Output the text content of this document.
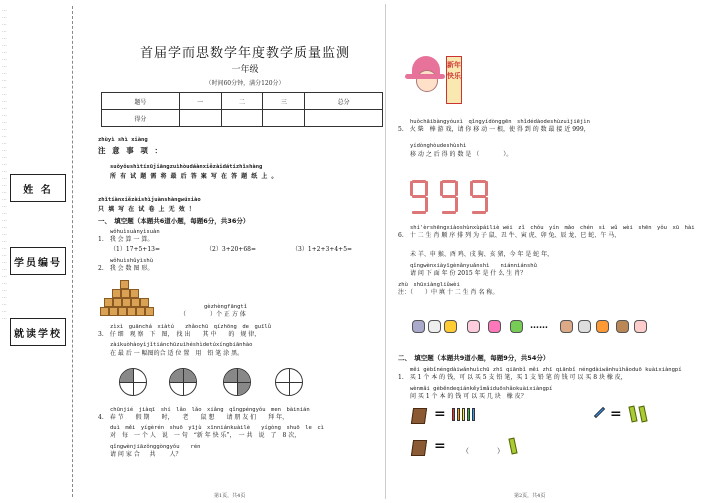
·······································································································································
姓 名
学员编号
就读学校
首届学而思数学年度教学质量监测
一年级
（时间60分钟，满分120分）
题号	一	二	三	总分
得分				
zhùyì shì xiàng
注 意 事 项 ：
suǒyǒushìtíxūjiāngzuìhòudáànxiězàidátízhǐshàng
所 有 试 题 需 将 最 后 答 案 写 在 答 题 纸 上 。
zhǐtíànxiězàishìjuànshàngwúxiào
只 填 写 在 试 卷 上 无 效 ！
一、　填空题（本题共6道小题，每题6分，共36分）
wǒhuìsuànyìsuàn
1.　我 会 算 一 算。
（1）17+5+13=	（2）3+20+68=	（3）1+2+3+4+5=
wǒhuìshǔyìshù
2.　我 会 数 图 形。
gèzhèngfāngtǐ
（　　　　）个 正 方 体
zìxì　guānchá　xiàtú　　zhǎochū　qízhōng　de　guīlǜ
3.　仔 细　观 察　下　图，　找 出　　其 中　　的　规 律，
zàikuòhàoyìjǐtiánchūzuìhéshìdetúxíngbiānhào
在 最 后 一 幅图的合 适 位 置　用　铅 笔 涂 黑。
chūnjié　jiàqī　shí　lǎo　lǎo　xiǎng　qǐngpéngyǒu　men　bàinián
4.　春 节　　假 期　　时，　　老　　鼠 想　　请 朋 友 们　　拜 年，
duì　měi　yígèrén　shuō　yījù　xīnniánkuàilè　　yígòng　shuō　le　cì
对　每　一 个 人　说　一 句　“新 年 快 乐”，　一 共　说　了　8 次，
qǐngwènjiāzǒnggòngyǒu　　rén
请 问 家 合 　 共 　　人？
第1页，共4页
新年快乐
huǒchāibàngyóuxì　qǐngyídònggēn　shǐdédàodeshùzuìjiējìn
5.　火 柴　棒 游 戏，请 你 移 动 一 根，使 得 到 的 数 最 接 近 999，
yídònghòudeshùshì
移 动 之 后 得 的 数 是 （　　　　）。
shí'èrshēngxiàoshùnxùpáiliè wéi　zǐ　chǒu　yín　mǎo　chén　sì　wǔ　wèi　shēn　yǒu　xū　hài
6.　十 二 生 肖 顺 序 排 列 为 子 鼠、丑 牛、寅 虎、卯 兔、辰 龙、巳 蛇、午 马、
未 羊、申 猴、酉 鸡、戌 狗、亥 猪，今 年 是 蛇 年，
qǐngwènxiàyīgènǎnyuǎnshì　　niánniánshǔ
请 问 下 面 年 份 2015 年 是 什 么 生 肖？
zhù　shūxiàngliǔwèi
注：（　　）中 填 十 二 生 肖 名 称。
……
二、　填空题（本题共9道小题，每题9分，共54分）
měi gèbǐnéngdàiwǎnhuìchū zhī qiānbǐ měi zhī qiānbǐ néngdàiwǎnhuìhǎoduō kuàixiàngpí
1.　买 1 个 本 的 钱，可 以 买 5 支 铅 笔，买 1 支 铅 笔 的 钱 可 以 买 8 块 橡 皮，
wènmǎi gèběndeqiánkěyǐmǎiduōshǎokuàixiàngpí
问 买 1 个 本 的 钱 可 以 买 几 块　橡 皮？
=	=
= （　　　　）
第2页，共4页
